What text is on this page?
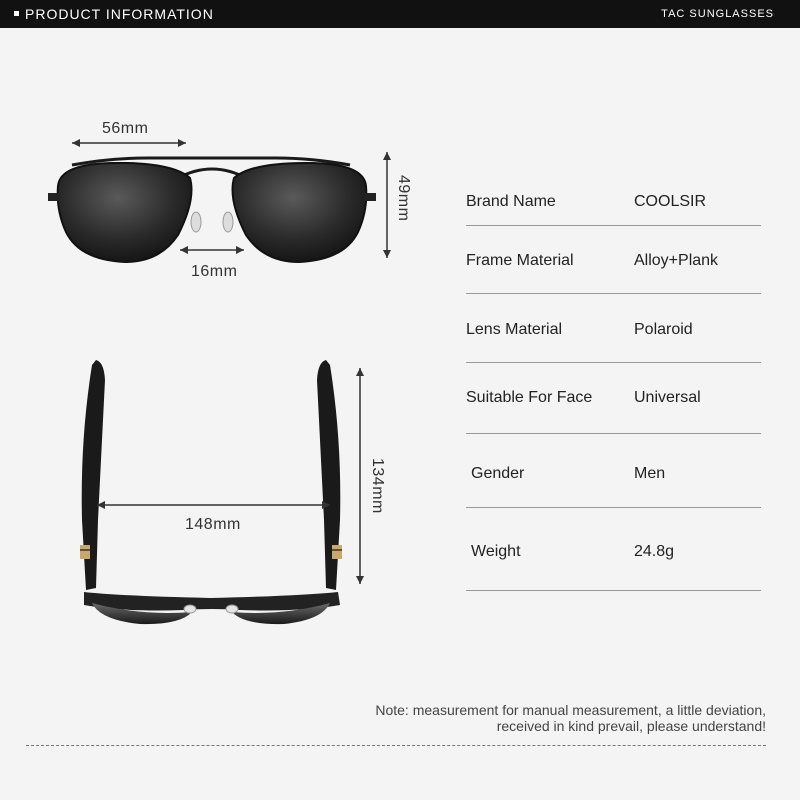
PRODUCT INFORMATION	TAC SUNGLASSES
56mm
49mm
16mm
148mm
134mm
Brand Name	COOLSIR
Frame Material	Alloy+Plank
Lens Material	Polaroid
Suitable For Face	Universal
Gender	Men
Weight	24.8g
Note: measurement for manual measurement, a little deviation,
received in kind prevail, please understand!
